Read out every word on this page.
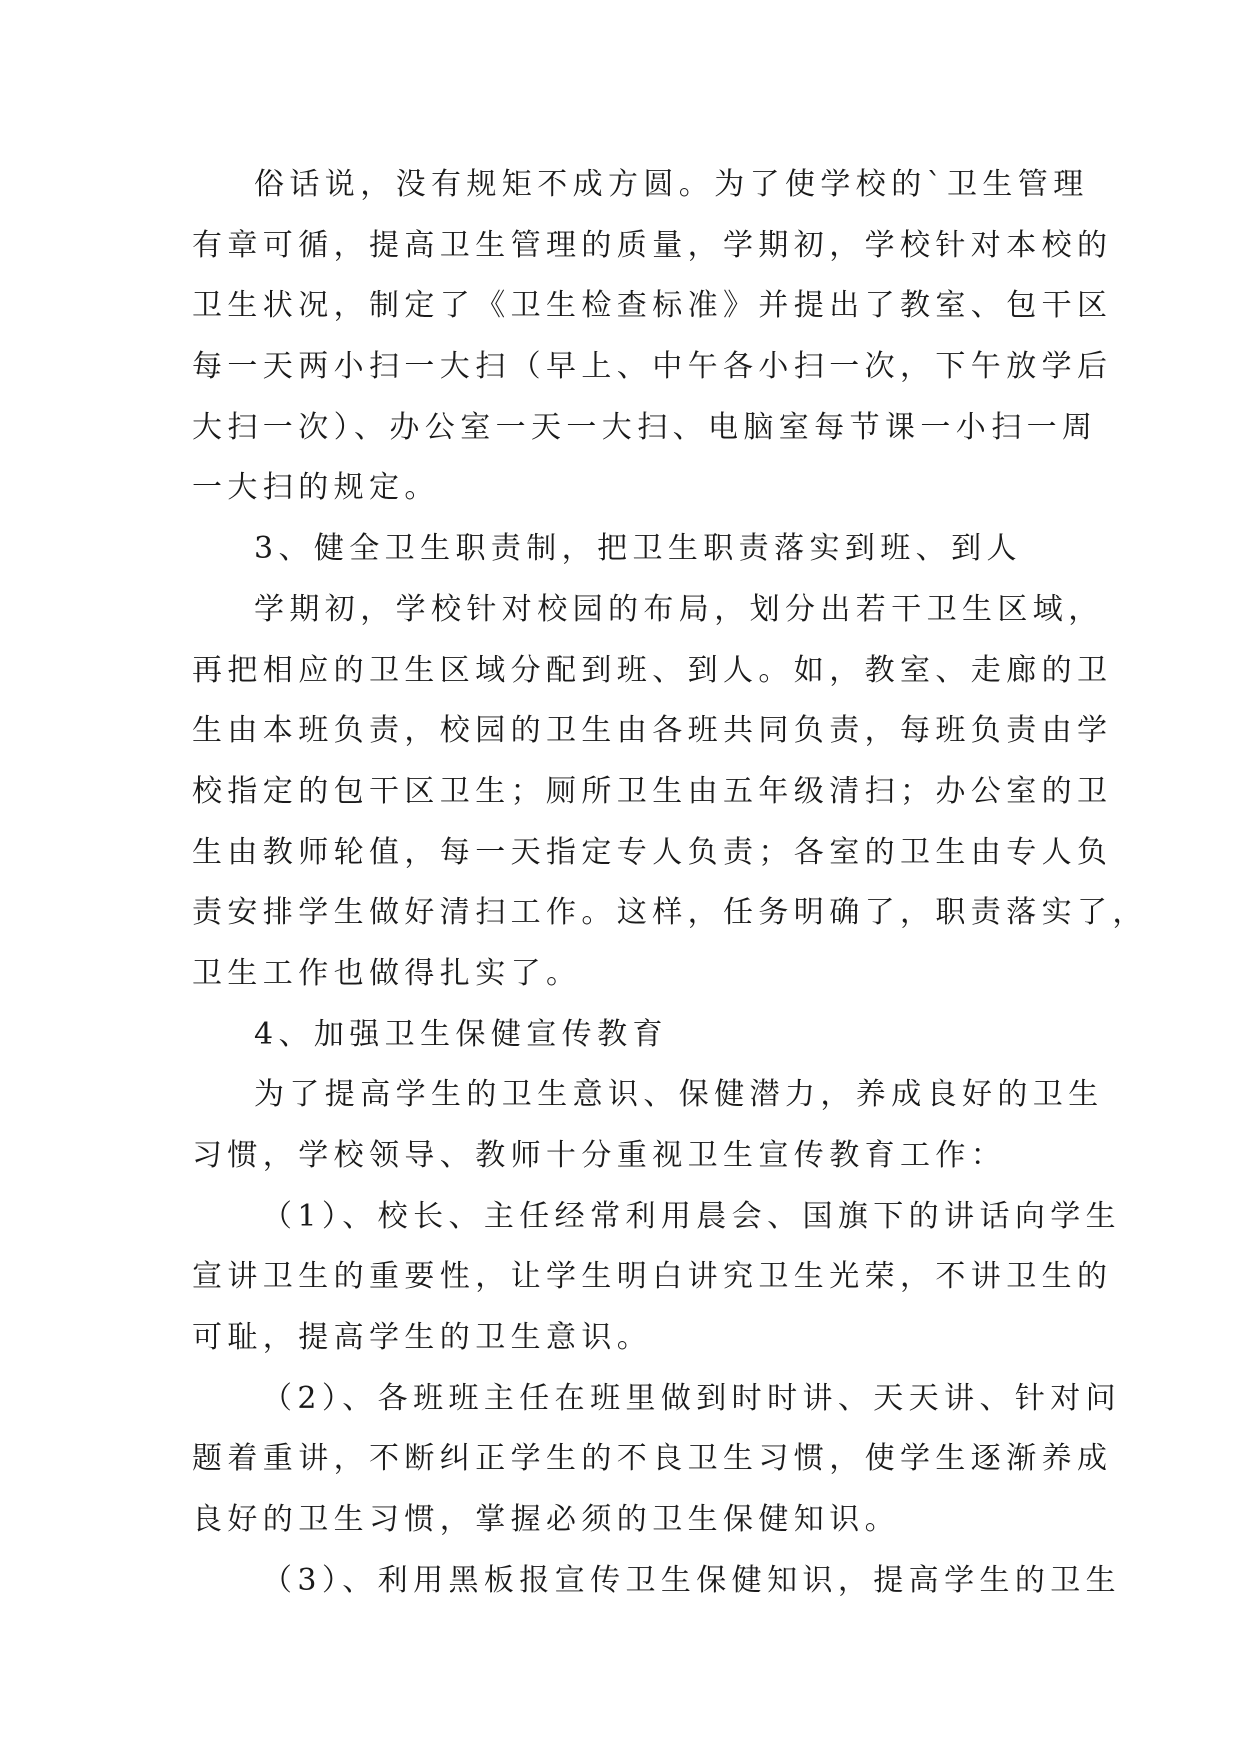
俗话说，没有规矩不成方圆。为了使学校的`卫生管理
有章可循，提高卫生管理的质量，学期初，学校针对本校的
卫生状况，制定了《卫生检查标准》并提出了教室、包干区
每一天两小扫一大扫（早上、中午各小扫一次，下午放学后
大扫一次）、办公室一天一大扫、电脑室每节课一小扫一周
一大扫的规定。
3、健全卫生职责制，把卫生职责落实到班、到人
学期初，学校针对校园的布局，划分出若干卫生区域，
再把相应的卫生区域分配到班、到人。如，教室、走廊的卫
生由本班负责，校园的卫生由各班共同负责，每班负责由学
校指定的包干区卫生；厕所卫生由五年级清扫；办公室的卫
生由教师轮值，每一天指定专人负责；各室的卫生由专人负
责安排学生做好清扫工作。这样，任务明确了，职责落实了，
卫生工作也做得扎实了。
4、加强卫生保健宣传教育
为了提高学生的卫生意识、保健潜力，养成良好的卫生
习惯，学校领导、教师十分重视卫生宣传教育工作：
（1）、校长、主任经常利用晨会、国旗下的讲话向学生
宣讲卫生的重要性，让学生明白讲究卫生光荣，不讲卫生的
可耻，提高学生的卫生意识。
（2）、各班班主任在班里做到时时讲、天天讲、针对问
题着重讲，不断纠正学生的不良卫生习惯，使学生逐渐养成
良好的卫生习惯，掌握必须的卫生保健知识。
（3）、利用黑板报宣传卫生保健知识，提高学生的卫生
